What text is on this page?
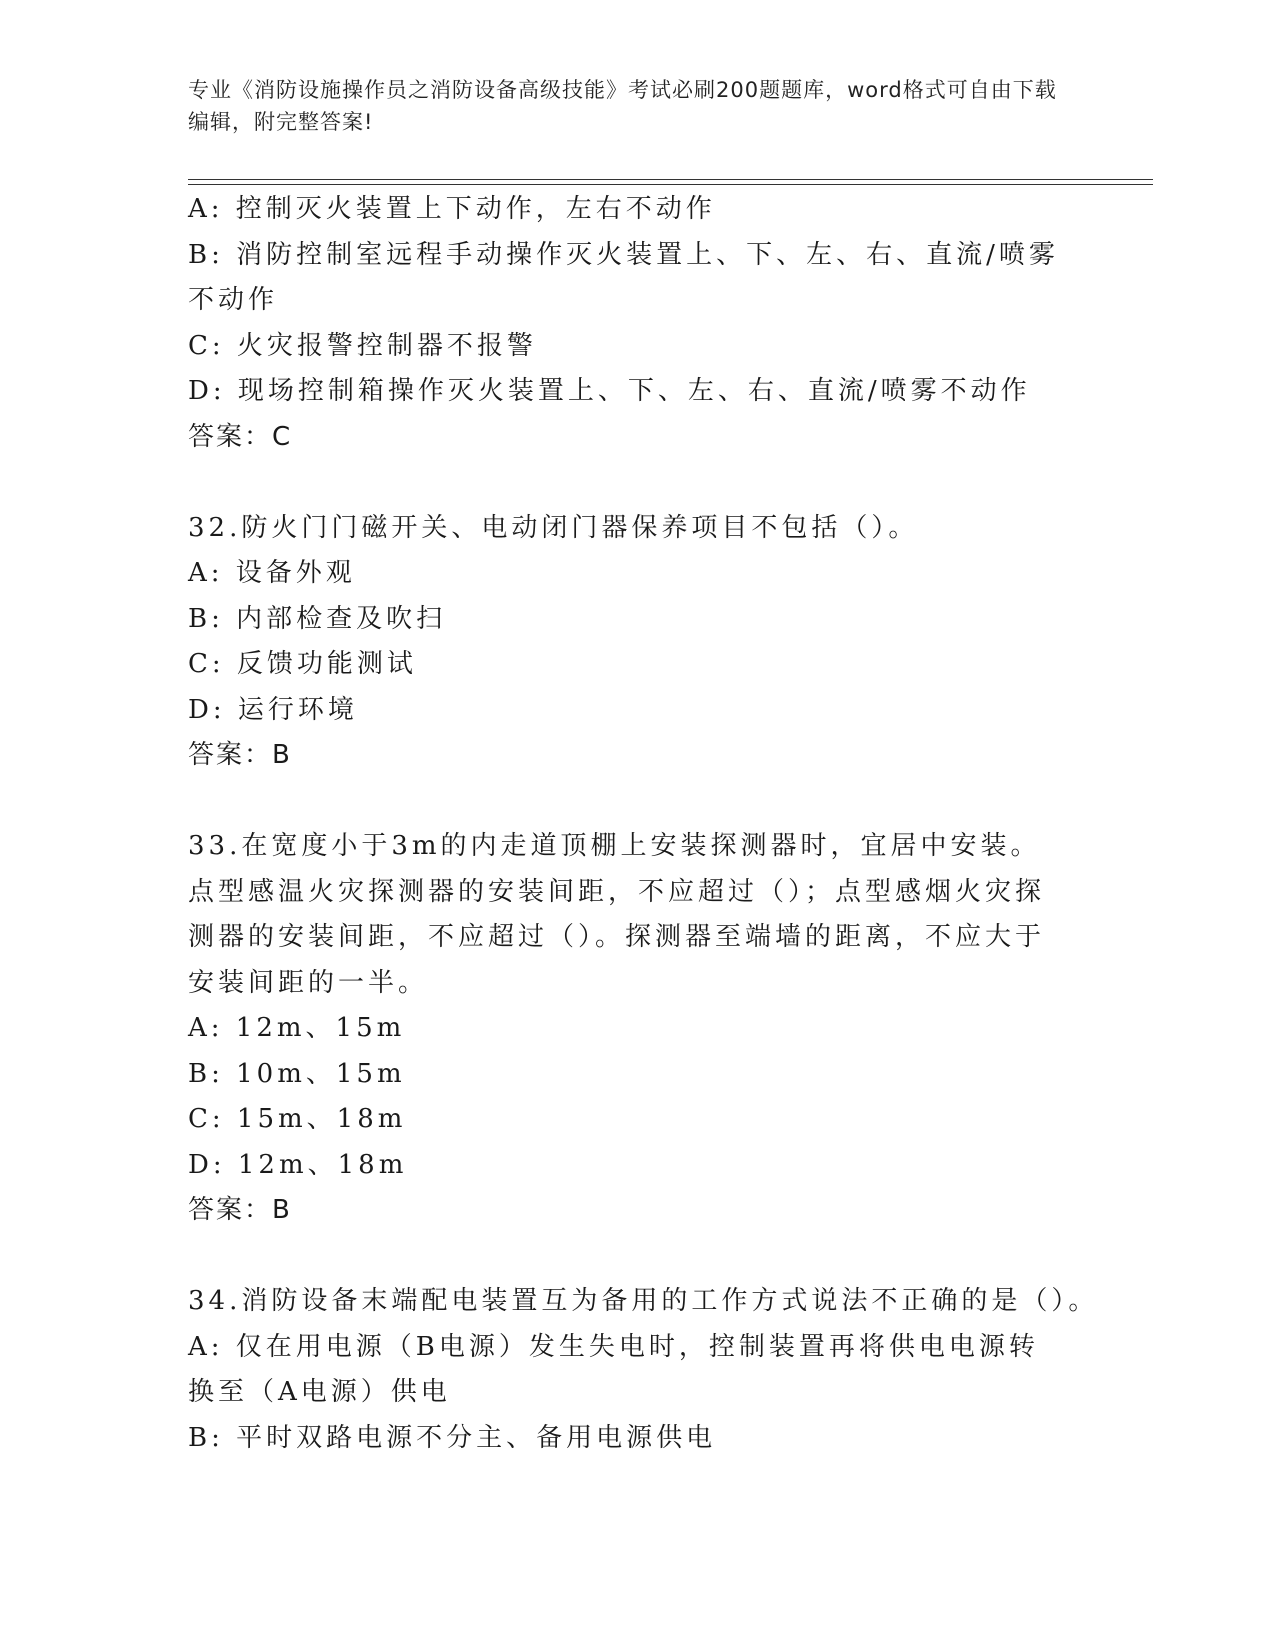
专业《消防设施操作员之消防设备高级技能》考试必刷200题题库，word格式可自由下载编辑，附完整答案!
A: 控制灭火装置上下动作，左右不动作
B: 消防控制室远程手动操作灭火装置上、下、左、右、直流/喷雾不动作
C: 火灾报警控制器不报警
D: 现场控制箱操作灭火装置上、下、左、右、直流/喷雾不动作
答案：C
32.防火门门磁开关、电动闭门器保养项目不包括（）。
A: 设备外观
B: 内部检查及吹扫
C: 反馈功能测试
D: 运行环境
答案：B
33.在宽度小于3m的内走道顶棚上安装探测器时，宜居中安装。点型感温火灾探测器的安装间距，不应超过（）；点型感烟火灾探测器的安装间距，不应超过（）。探测器至端墙的距离，不应大于安装间距的一半。
A: 12m、15m
B: 10m、15m
C: 15m、18m
D: 12m、18m
答案：B
34.消防设备末端配电装置互为备用的工作方式说法不正确的是（）。
A: 仅在用电源（B电源）发生失电时，控制装置再将供电电源转换至（A电源）供电
B: 平时双路电源不分主、备用电源供电
